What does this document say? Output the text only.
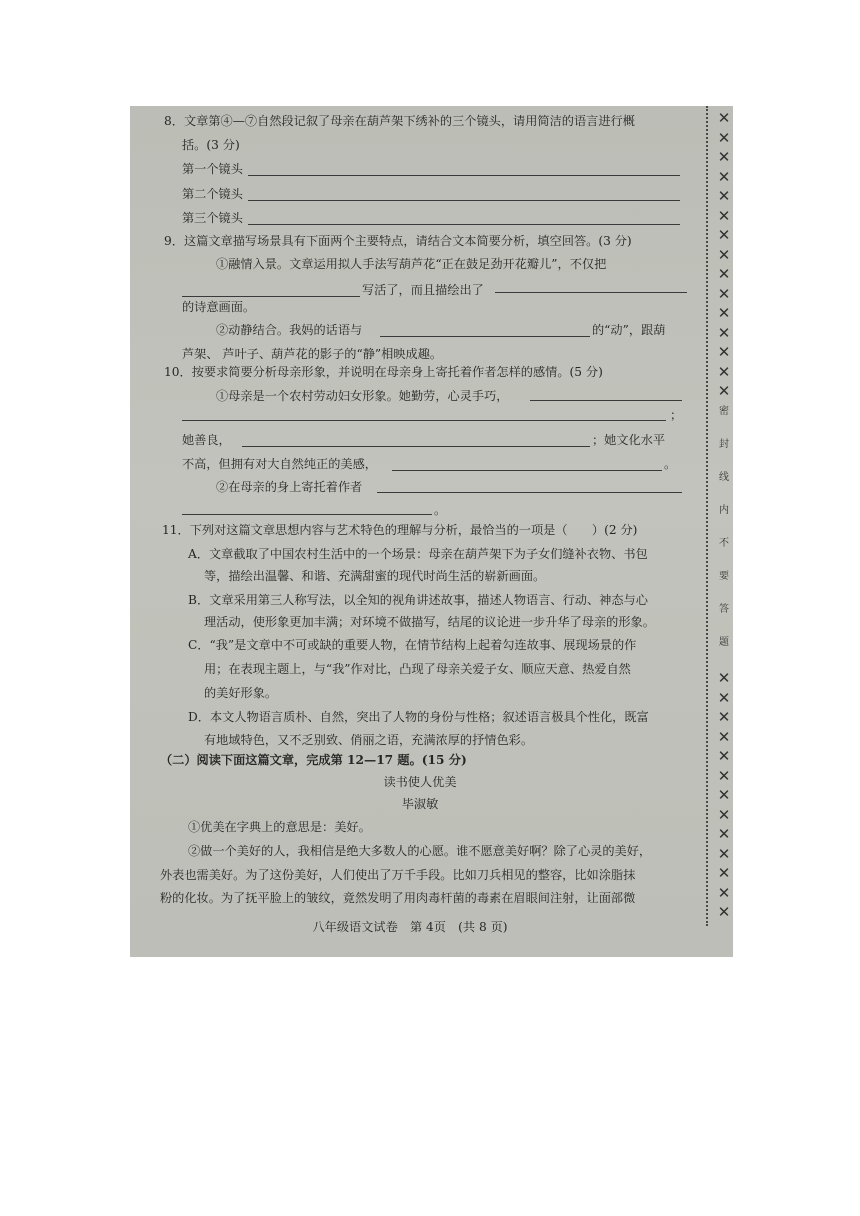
8．文章第④—⑦自然段记叙了母亲在葫芦架下绣补的三个镜头，请用简洁的语言进行概
括。(3 分)
第一个镜头
第二个镜头
第三个镜头
9．这篇文章描写场景具有下面两个主要特点，请结合文本简要分析，填空回答。(3 分)
①融情入景。文章运用拟人手法写葫芦花“正在鼓足劲开花瓣儿”，不仅把
写活了，而且描绘出了
的诗意画面。
②动静结合。我妈的话语与	的“动”，跟葫
芦架、 芦叶子、葫芦花的影子的“静”相映成趣。
10．按要求简要分析母亲形象，并说明在母亲身上寄托着作者怎样的感情。(5 分)
①母亲是一个农村劳动妇女形象。她勤劳，心灵手巧，
；
她善良，	；她文化水平
不高，但拥有对大自然纯正的美感，	。
②在母亲的身上寄托着作者
。
11．下列对这篇文章思想内容与艺术特色的理解与分析，最恰当的一项是（　　）(2 分)
A．文章截取了中国农村生活中的一个场景：母亲在葫芦架下为子女们缝补衣物、书包
等，描绘出温馨、和谐、充满甜蜜的现代时尚生活的崭新画面。
B．文章采用第三人称写法，以全知的视角讲述故事，描述人物语言、行动、神态与心
理活动，使形象更加丰满；对环境不做描写，结尾的议论进一步升华了母亲的形象。
C．“我”是文章中不可或缺的重要人物，在情节结构上起着勾连故事、展现场景的作
用；在表现主题上，与“我”作对比，凸现了母亲关爱子女、顺应天意、热爱自然
的美好形象。
D．本文人物语言质朴、自然，突出了人物的身份与性格；叙述语言极具个性化，既富
有地域特色，又不乏别致、俏丽之语，充满浓厚的抒情色彩。
（二）阅读下面这篇文章，完成第 12—17 题。(15 分)
读书使人优美
毕淑敏
①优美在字典上的意思是：美好。
②做一个美好的人，我相信是绝大多数人的心愿。谁不愿意美好啊？除了心灵的美好，
外表也需美好。为了这份美好，人们使出了万千手段。比如刀兵相见的整容，比如涂脂抹
粉的化妆。为了抚平脸上的皱纹，竟然发明了用肉毒杆菌的毒素在眉眼间注射，让面部微
八年级语文试卷　第 4页　(共 8 页)
✕
✕
✕
✕
✕
✕
✕
✕
✕
✕
✕
✕
✕
✕
✕
密
封
线
内
不
要
答
题
✕
✕
✕
✕
✕
✕
✕
✕
✕
✕
✕
✕
✕
